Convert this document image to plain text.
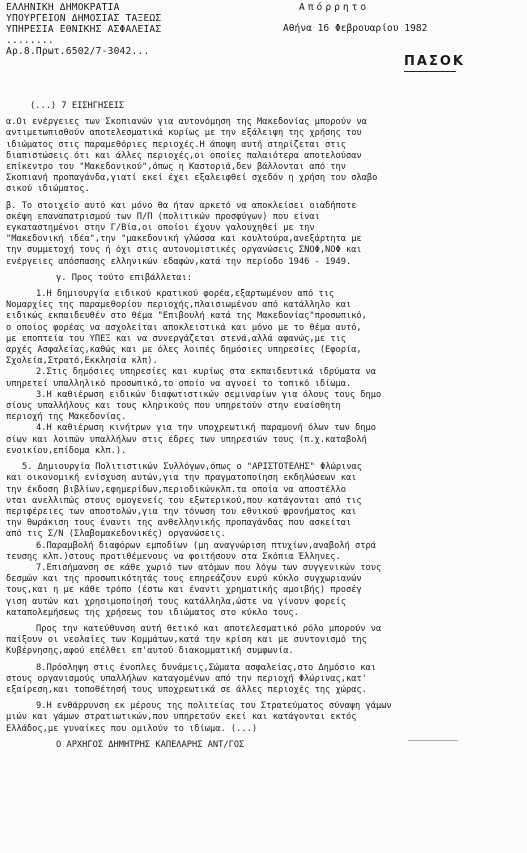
ΕΛΛΗΝΙΚΗ ΔΗΜΟΚΡΑΤΙΑ
ΥΠΟΥΡΓΕΙΟΝ ΔΗΜΟΣΙΑΣ ΤΑΞΕΩΣ
ΥΠΗΡΕΣΙΑ ΕΘΝΙΚΗΣ ΑΣΦΑΛΕΙΑΣ
........
Αρ.8.Πρωτ.6502/7-3042...
Απόρρητο
Αθήνα 16 Φεβρουαρίου 1982
ΠΑΣΟΚ

(...) 7 ΕΙΣΗΓΗΣΕΙΣ

α.Οι ενέργειες των Σκοπιανών για αυτονόμηση της Μακεδονίας μπορούν να

αντιμετωπισθούν αποτελεσματικά κυρίως με την εξάλειψη της χρήσης του

ιδιώματος στις παραμεθόριες περιοχές.Η άποψη αυτή στηρίζεται στις

διαπιστώσεις ότι και άλλες περιοχές,οι οποίες παλαιότερα αποτελούσαν

επίκεντρο του "Μακεδονικού",όπως η Καστοριά,δεν βάλλονται από την

Σκοπιανή προπαγάνδα,γιατί εκεί έχει εξαλειφθεί σχεδόν η χρήση του σλαβο

σικού ιδιώματος.

β. Το στοιχείο αυτό και μόνο θα ήταν αρκετό να αποκλείσει οιαδήποτε

σκέψη επαναπατρισμού των Π/Π (πολιτικών προσφύγων) που είναι

εγκαταστημένοι στην Γ/Βία,οι οποίοι έχουν γαλουχηθεί με την

"Μακεδονική ιδέα",την "μακεδονική γλώσσα και κουλτούρα,ανεξάρτητα με

την συμμετοχή τους ή όχι στις αυτονομιστικές οργανώσεις ΣΝΟΦ,ΝΟΦ και

ενέργειες απόσπασης ελληνικών εδαφών,κατά την περίοδο 1946 - 1949.

γ. Προς τούτο επιβάλλεται:

1.Η δημιουργία ειδικού κρατικού φορέα,εξαρτωμένου από τις

Νομαρχίες της παραμεθορίου περιοχής,πλαισιωμένου από κατάλληλο και

ειδικώς εκπαιδευθέν στο θέμα "Επιβουλή κατά της Μακεδονίας"προσωπικό,

ο οποίος φορέας να ασχολείται αποκλειστικά και μόνο με το θέμα αυτό,

με εποπτεία του ΥΠΕΞ και να συνεργάζεται στενά,αλλά αφανώς,με τις

αρχές Ασφαλείας,καθώς και με όλες λοιπές δημόσιες υπηρεσίες (Εφορία,

Σχολεία,Στρατό,Εκκλησία κλπ).

2.Στις δημόσιες υπηρεσίες και κυρίως στα εκπαιδευτικά ιδρύματα να

υπηρετεί υπαλληλικό προσωπικό,το οποίο να αγνοεί το τοπικό ιδίωμα.

3.Η καθιέρωση ειδικών διαφωτιστικών σεμιναρίων για όλους τους δημο

σίους υπαλλήλους και τους κληρικούς που υπηρετούν στην ευαίσθητη

περιοχή της Μακεδονίας.

4.Η καθιέρωση κινήτρων για την υποχρεωτική παραμονή όλων των δημο

σίων και λοιπών υπαλλήλων στις έδρες των υπηρεσιών τους (π.χ.καταβολή

ενοικίου,επίδομα κλπ.).

5. Δημιουργία Πολιτιστικών Συλλόγων,όπως ο "ΑΡΙΣΤΟΤΕΛΗΣ" Φλώρινας

και οικονομική ενίσχυση αυτών,για την πραγματοποίηση εκδηλώσεων και

την έκδοση βιβλίων,εφημερίδων,περιοδικώνκλπ.τα οποία να αποστέλλο

νται ανελλιπώς στους ομογενείς του εξωτερικού,που κατάγονται από τις

περιφέρειες των αποστολών,για την τόνωση του εθνικού φρονήματος και

την θωράκιση τους έναντι της ανθελληνικής προπαγάνδας που ασκείται

από τις Σ/Ν (Σλαβομακεδονικές) οργανώσεις.

6.Παραμβολή διαφόρων εμποδίων (μη αναγνώριση πτυχίων,αναβολή στρά

τευσης κλπ.)στους προτιθέμενους να φοιτήσουν στα Σκόπια Έλληνες.

7.Επισήμανση σε κάθε χωριό των ατόμων που λόγω των συγγενικών τους

δεσμών και της προσωπικότητάς τους επηρεάζουν ευρύ κύκλο συγχωριανών

τους,και η με κάθε τρόπο (έστω και έναντι χρηματικής αμοιβής) προσέγ

γιση αυτών και χρησιμοποίησή τους κατάλληλα,ώστε να γίνουν φορείς

καταπολεμήσεως της χρήσεως του ιδιώματος στο κύκλο τους.

Προς την κατεύθυνση αυτή θετικό και αποτελεσματικό ρόλο μπορούν να

παίξουν οι νεολαίες των Κομμάτων,κατά την κρίση και με συντονισμό της

Κυβέρνησης,αφού επέλθει επ'αυτού διακομματική συμφωνία.

8.Πρόσληψη στις ένοπλες δυνάμεις,Σώματα ασφαλείας,στο Δημόσιο και

στους οργανισμούς υπαλλήλων καταγομένων από την περιοχή Φλώρινας,κατ'

εξαίρεση,και τοποθέτησή τους υποχρεωτικά σε άλλες περιοχές της χώρας.

9.Η ενθάρρυνση εκ μέρους της πολιτείας του Στρατεύματος σύναψη γάμων

μιών και γάμων στρατιωτικών,που υπηρετούν εκεί και κατάγονται εκτός

Ελλάδος,με γυναίκες που ομιλούν το ιδίωμα. (...)

Ο ΑΡΧΗΓΟΣ ΔΗΜΗΤΡΗΣ ΚΑΠΕΛΑΡΗΣ ΑΝΤ/ΓΟΣ
